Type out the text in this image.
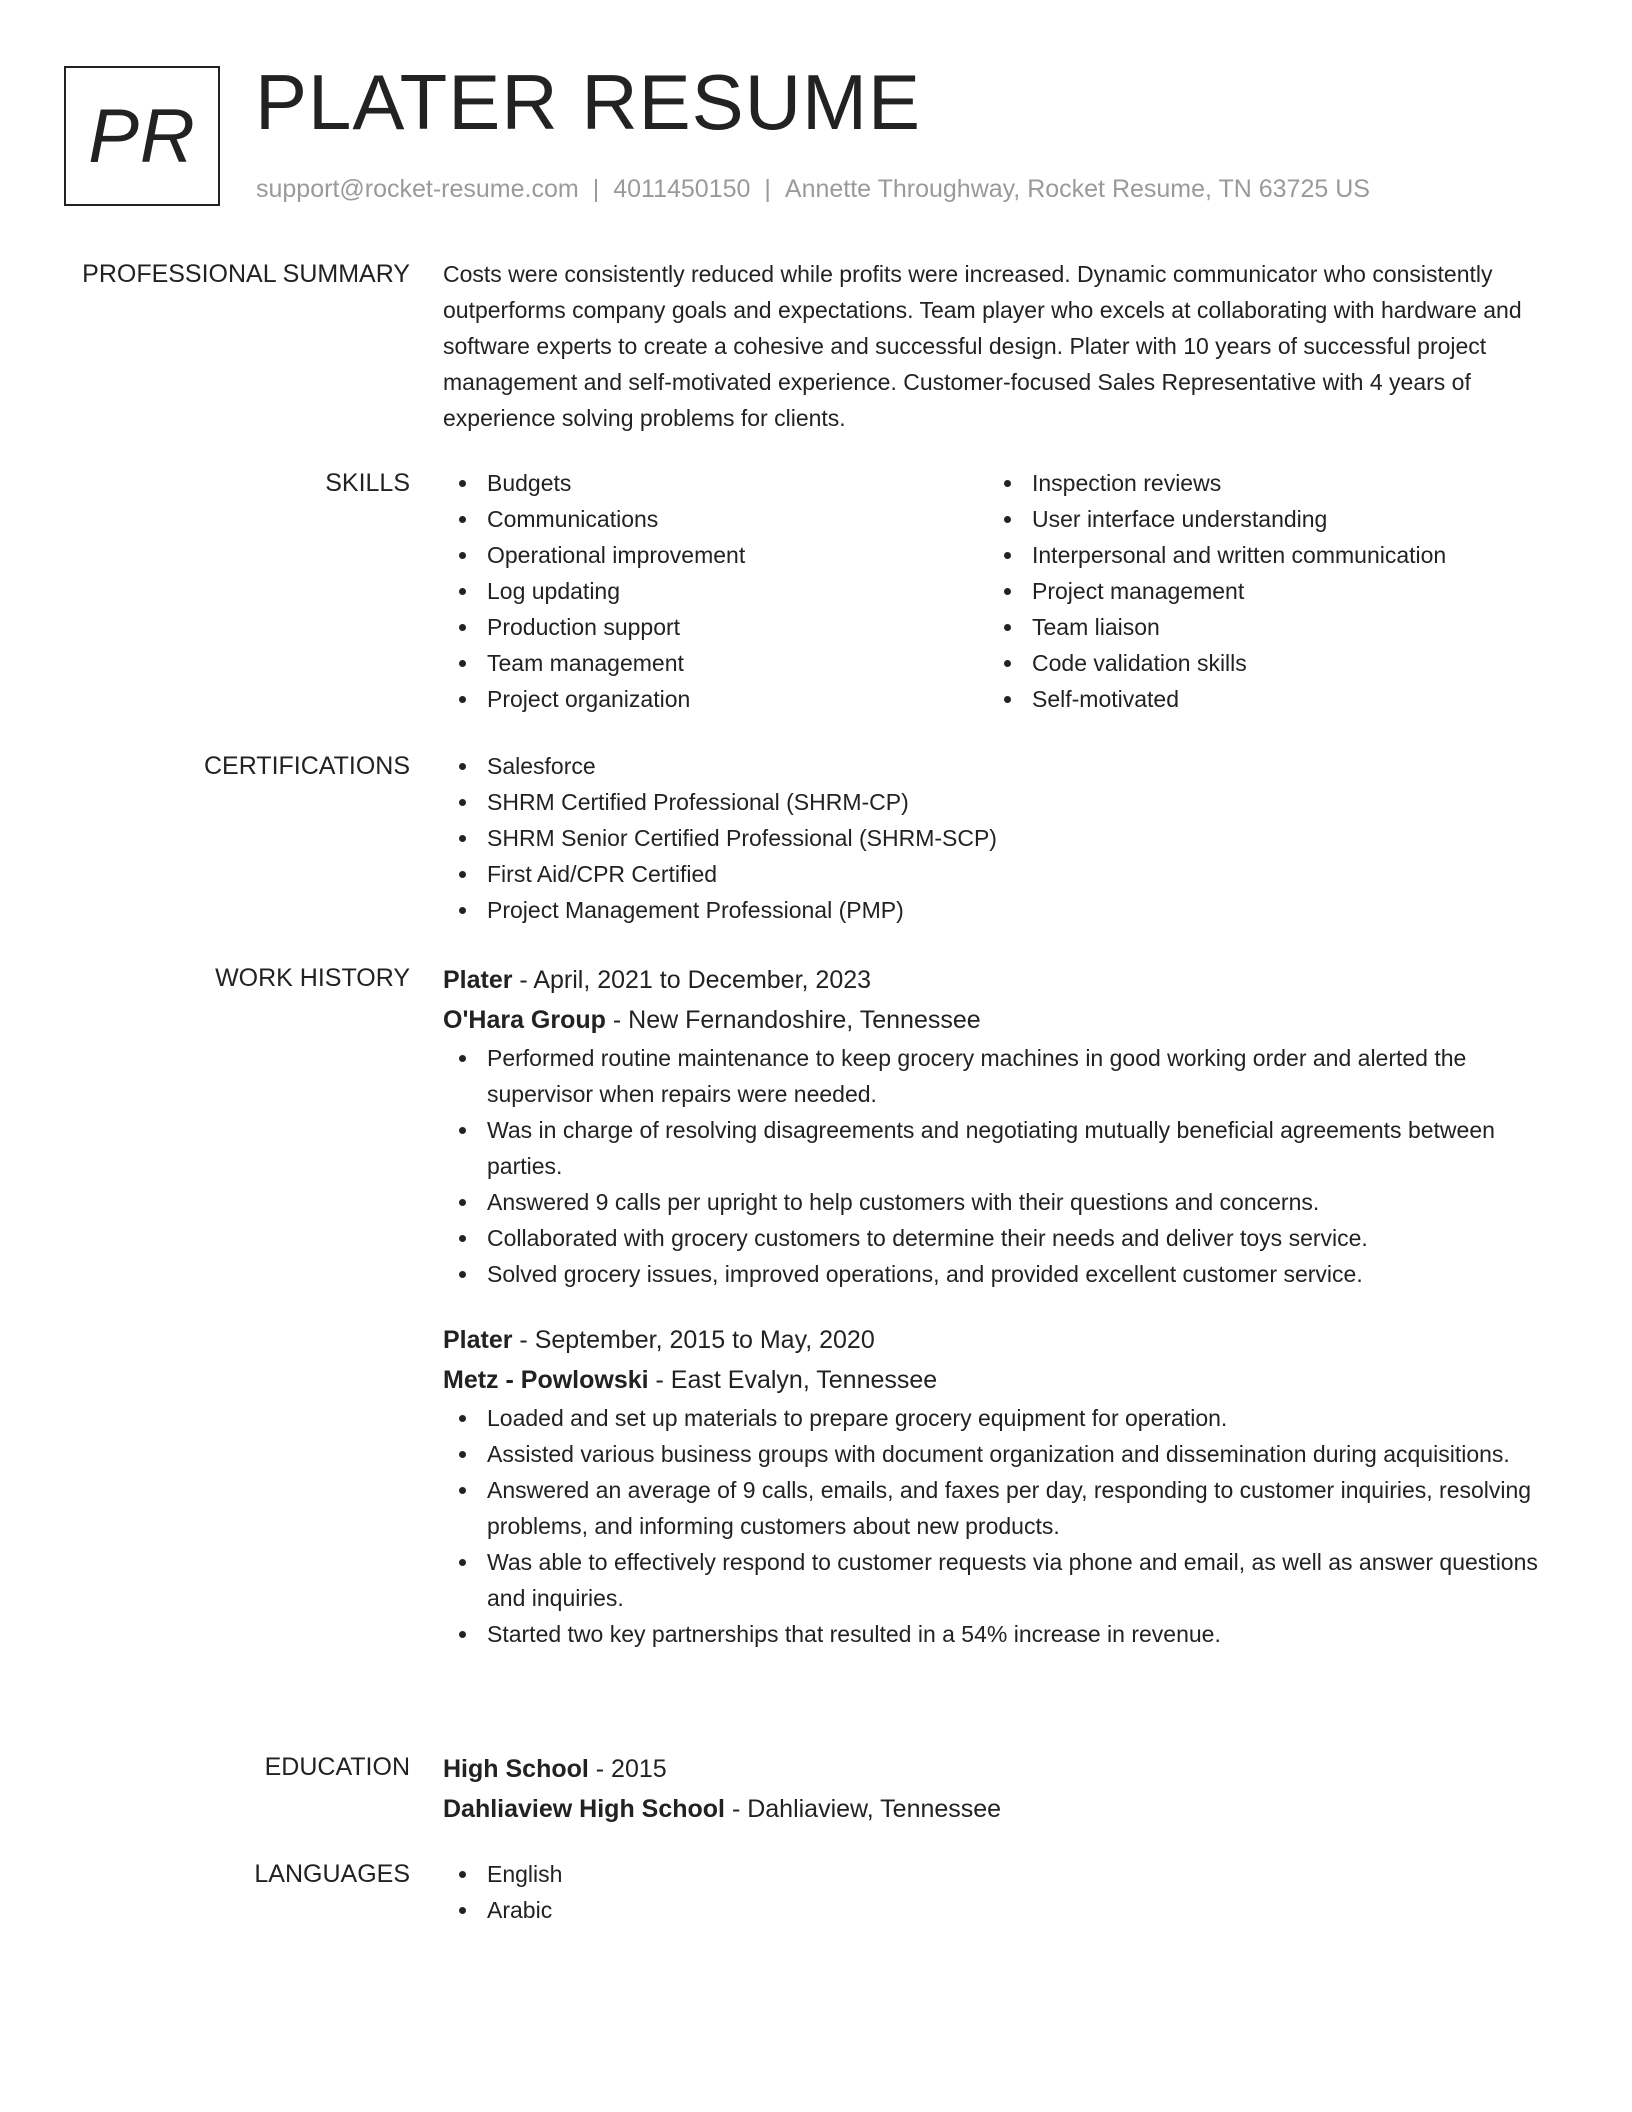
PR PLATER RESUME
support@rocket-resume.com | 4011450150 | Annette Throughway, Rocket Resume, TN 63725 US
PROFESSIONAL SUMMARY Costs were consistently reduced while profits were increased. Dynamic communicator who consistently outperforms company goals and expectations. Team player who excels at collaborating with hardware and software experts to create a cohesive and successful design. Plater with 10 years of successful project management and self-motivated experience. Customer-focused Sales Representative with 4 years of experience solving problems for clients.
SKILLS	Budgets
Communications
Operational improvement
Log updating
Production support
Team management
Project organization
Inspection reviews
User interface understanding
Interpersonal and written communication
Project management
Team liaison
Code validation skills
Self-motivated
CERTIFICATIONS	Salesforce
SHRM Certified Professional (SHRM-CP)
SHRM Senior Certified Professional (SHRM-SCP)
First Aid/CPR Certified
Project Management Professional (PMP)
WORK HISTORY Plater - April, 2021 to December, 2023
O'Hara Group - New Fernandoshire, Tennessee
Performed routine maintenance to keep grocery machines in good working order and alerted the supervisor when repairs were needed.
Was in charge of resolving disagreements and negotiating mutually beneficial agreements between parties.
Answered 9 calls per upright to help customers with their questions and concerns.
Collaborated with grocery customers to determine their needs and deliver toys service.
Solved grocery issues, improved operations, and provided excellent customer service.
Plater - September, 2015 to May, 2020
Metz - Powlowski - East Evalyn, Tennessee
Loaded and set up materials to prepare grocery equipment for operation.
Assisted various business groups with document organization and dissemination during acquisitions.
Answered an average of 9 calls, emails, and faxes per day, responding to customer inquiries, resolving problems, and informing customers about new products.
Was able to effectively respond to customer requests via phone and email, as well as answer questions and inquiries.
Started two key partnerships that resulted in a 54% increase in revenue.
EDUCATION High School - 2015
Dahliaview High School - Dahliaview, Tennessee
LANGUAGES	English
Arabic
